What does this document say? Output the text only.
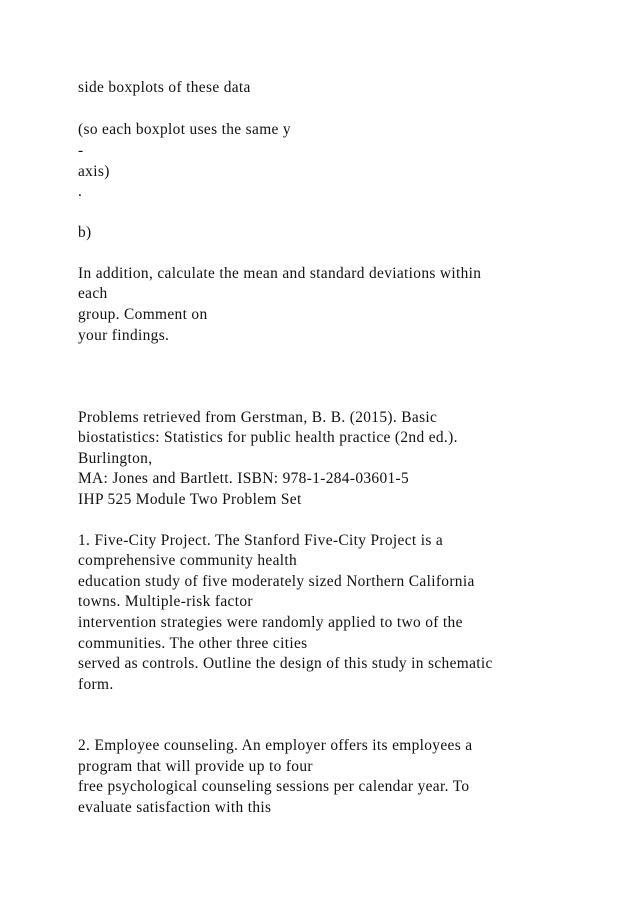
side boxplots of these data
(so each boxplot uses the same y
-
axis)
.
b)
In addition, calculate the mean and standard deviations within
each
group. Comment on
your findings.
Problems retrieved from Gerstman, B. B. (2015). Basic
biostatistics: Statistics for public health practice (2nd ed.).
Burlington,
MA: Jones and Bartlett. ISBN: 978-1-284-03601-5
IHP 525 Module Two Problem Set
1. Five-City Project. The Stanford Five-City Project is a
comprehensive community health
education study of five moderately sized Northern California
towns. Multiple-risk factor
intervention strategies were randomly applied to two of the
communities. The other three cities
served as controls. Outline the design of this study in schematic
form.
2. Employee counseling. An employer offers its employees a
program that will provide up to four
free psychological counseling sessions per calendar year. To
evaluate satisfaction with this
